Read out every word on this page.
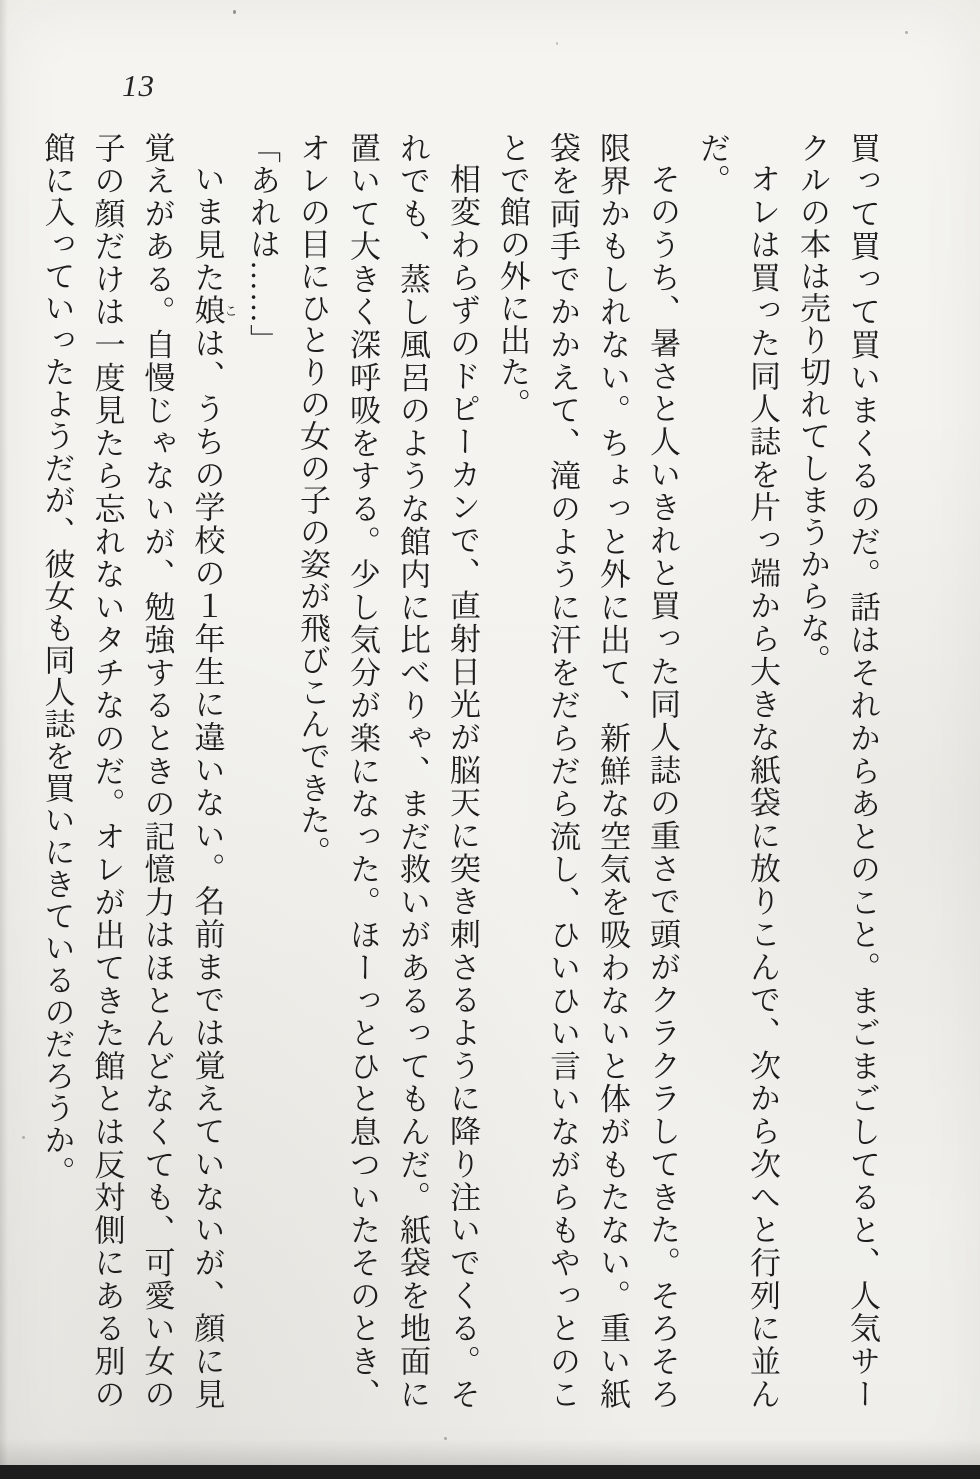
13

買って買って買いまくるのだ。話はそれからあとのこと。まごまごしてると、人気サークルの本は売り切れてしまうからな。

オレは買った同人誌を片っ端から大きな紙袋に放りこんで、次から次へと行列に並んだ。

そのうち、暑さと人いきれと買った同人誌の重さで頭がクラクラしてきた。そろそろ限界かもしれない。ちょっと外に出て、新鮮な空気を吸わないと体がもたない。重い紙袋を両手でかかえて、滝のように汗をだらだら流し、ひいひい言いながらもやっとのことで館の外に出た。

相変わらずのドピーカンで、直射日光が脳天に突き刺さるように降り注いでくる。それでも、蒸し風呂のような館内に比べりゃ、まだ救いがあるってもんだ。紙袋を地面に置いて大きく深呼吸をする。少し気分が楽になった。ほーっとひと息ついたそのとき、オレの目にひとりの女の子の姿が飛びこんできた。

「あれは……」

いま見た娘こは、うちの学校の１年生に違いない。名前までは覚えていないが、顔に見覚えがある。自慢じゃないが、勉強するときの記憶力はほとんどなくても、可愛い女の子の顔だけは一度見たら忘れないタチなのだ。オレが出てきた館とは反対側にある別の館に入っていったようだが、彼女も同人誌を買いにきているのだろうか。
